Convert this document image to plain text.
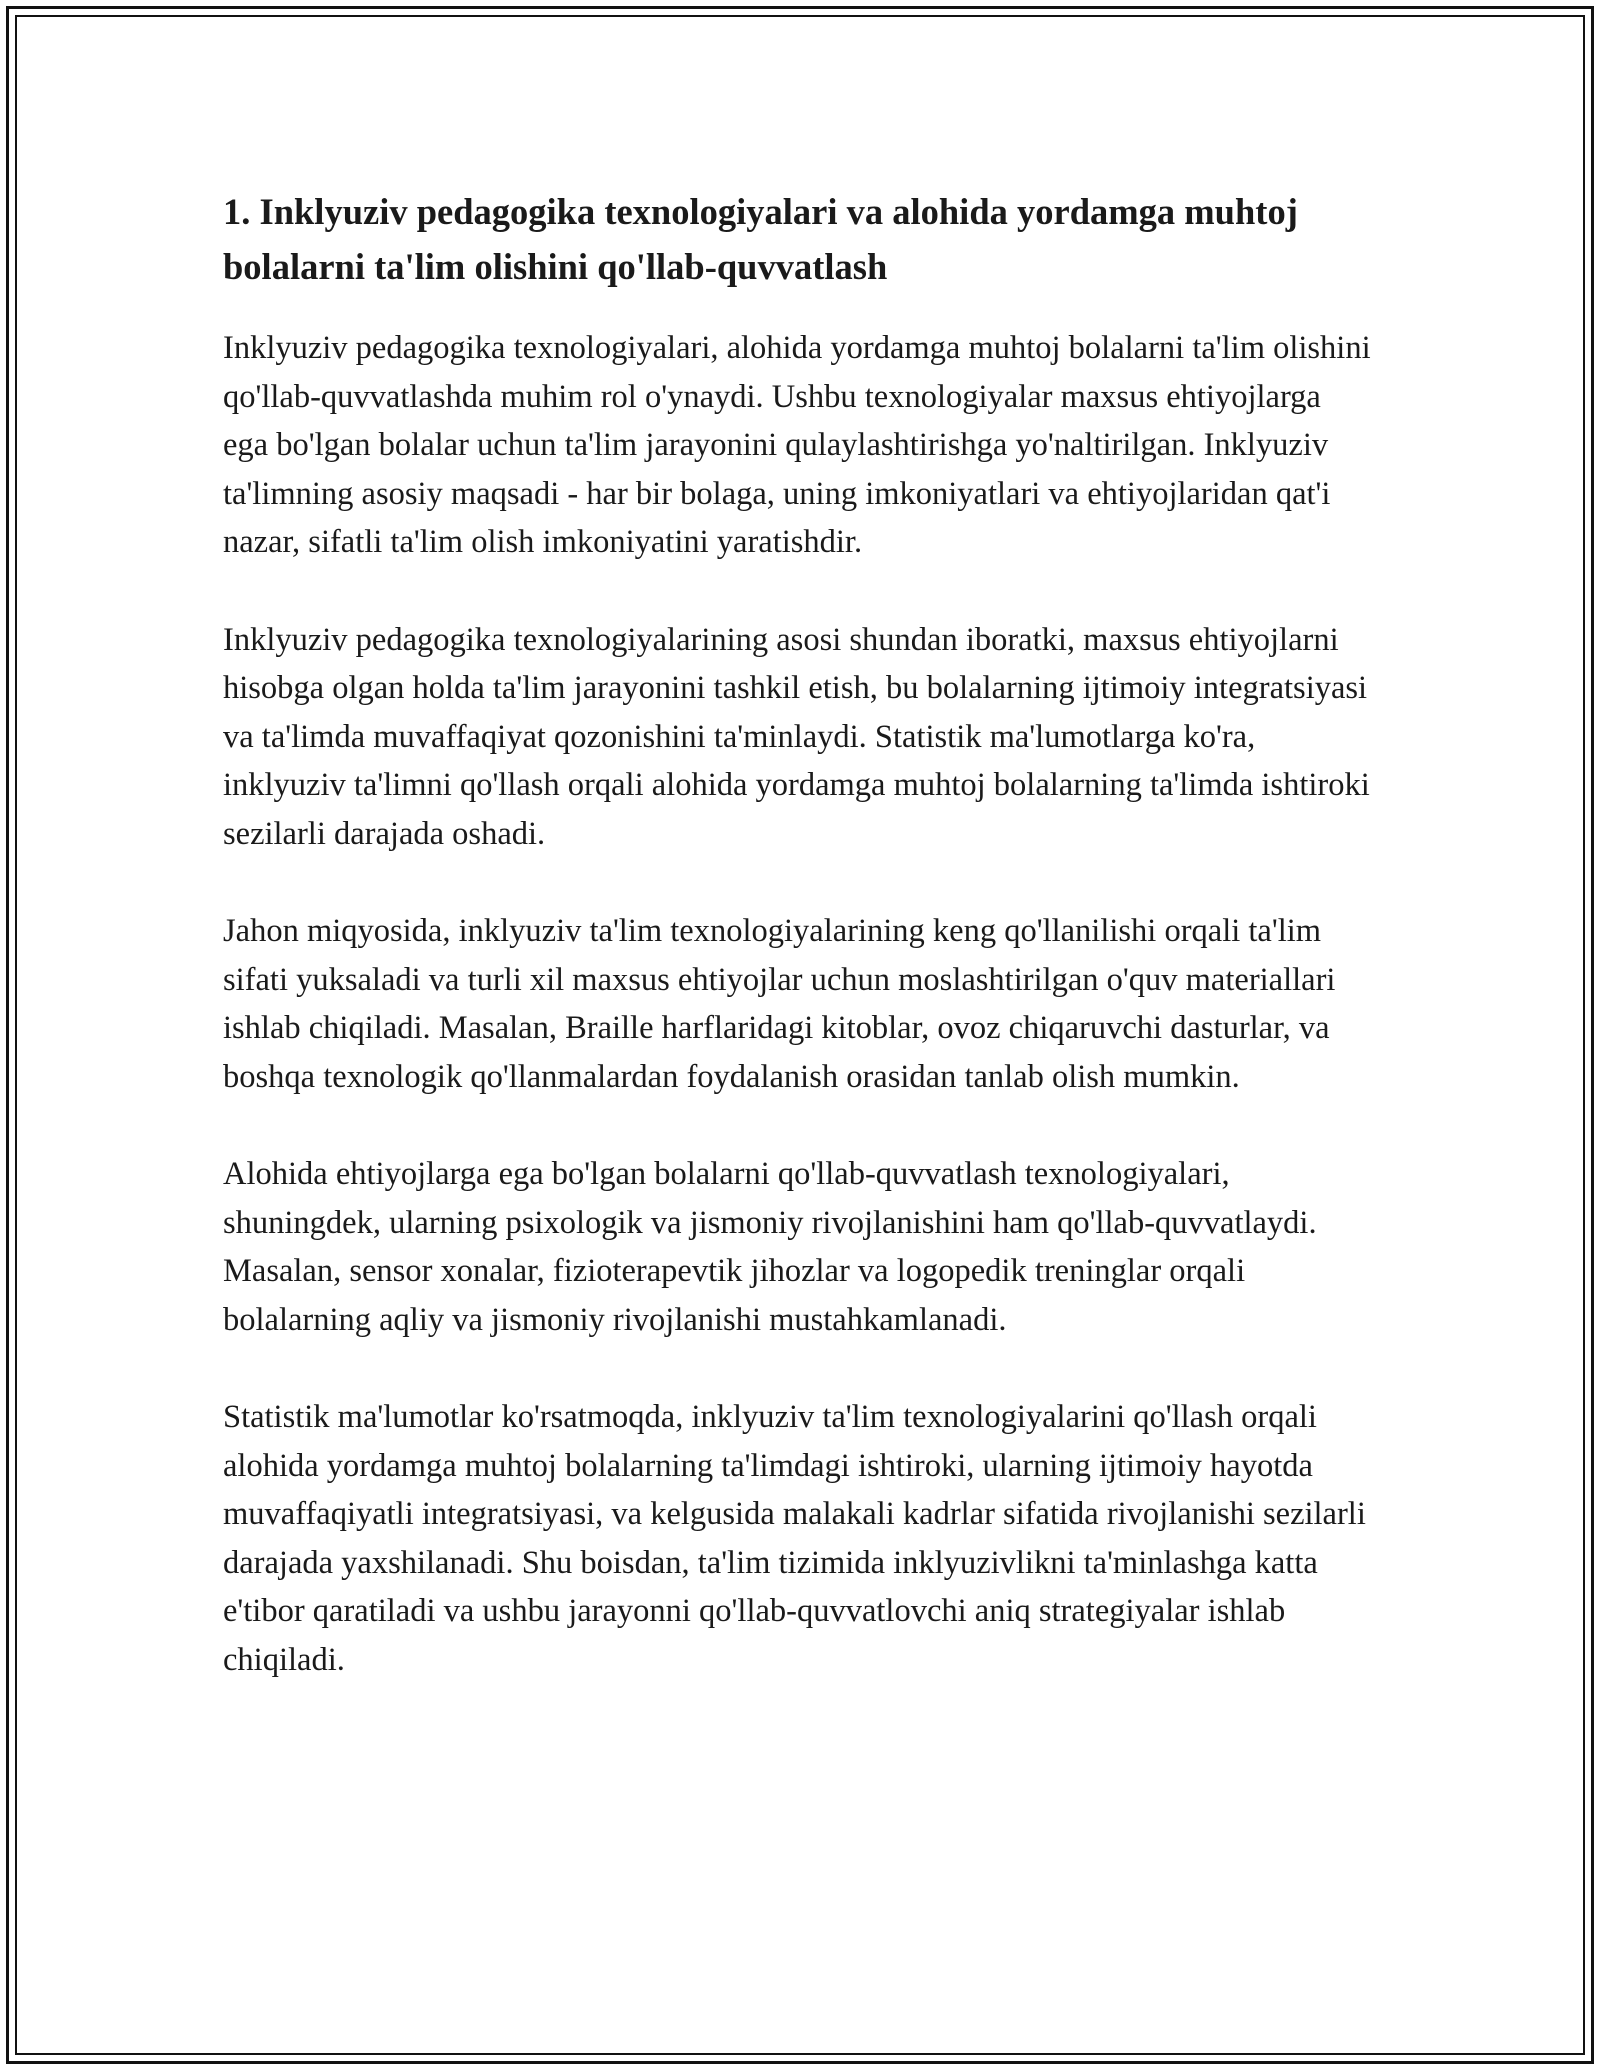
1. Inklyuziv pedagogika texnologiyalari va alohida yordamga muhtoj bolalarni ta'lim olishini qo'llab-quvvatlash

Inklyuziv pedagogika texnologiyalari, alohida yordamga muhtoj bolalarni ta'lim olishini qo'llab-quvvatlashda muhim rol o'ynaydi. Ushbu texnologiyalar maxsus ehtiyojlarga ega bo'lgan bolalar uchun ta'lim jarayonini qulaylashtirishga yo'naltirilgan. Inklyuziv ta'limning asosiy maqsadi - har bir bolaga, uning imkoniyatlari va ehtiyojlaridan qat'i nazar, sifatli ta'lim olish imkoniyatini yaratishdir.

Inklyuziv pedagogika texnologiyalarining asosi shundan iboratki, maxsus ehtiyojlarni hisobga olgan holda ta'lim jarayonini tashkil etish, bu bolalarning ijtimoiy integratsiyasi va ta'limda muvaffaqiyat qozonishini ta'minlaydi. Statistik ma'lumotlarga ko'ra, inklyuziv ta'limni qo'llash orqali alohida yordamga muhtoj bolalarning ta'limda ishtiroki sezilarli darajada oshadi.

Jahon miqyosida, inklyuziv ta'lim texnologiyalarining keng qo'llanilishi orqali ta'lim sifati yuksaladi va turli xil maxsus ehtiyojlar uchun moslashtirilgan o'quv materiallari ishlab chiqiladi. Masalan, Braille harflaridagi kitoblar, ovoz chiqaruvchi dasturlar, va boshqa texnologik qo'llanmalardan foydalanish orasidan tanlab olish mumkin.

Alohida ehtiyojlarga ega bo'lgan bolalarni qo'llab-quvvatlash texnologiyalari, shuningdek, ularning psixologik va jismoniy rivojlanishini ham qo'llab-quvvatlaydi. Masalan, sensor xonalar, fizioterapevtik jihozlar va logopedik treninglar orqali bolalarning aqliy va jismoniy rivojlanishi mustahkamlanadi.

Statistik ma'lumotlar ko'rsatmoqda, inklyuziv ta'lim texnologiyalarini qo'llash orqali alohida yordamga muhtoj bolalarning ta'limdagi ishtiroki, ularning ijtimoiy hayotda muvaffaqiyatli integratsiyasi, va kelgusida malakali kadrlar sifatida rivojlanishi sezilarli darajada yaxshilanadi. Shu boisdan, ta'lim tizimida inklyuzivlikni ta'minlashga katta e'tibor qaratiladi va ushbu jarayonni qo'llab-quvvatlovchi aniq strategiyalar ishlab chiqiladi.
